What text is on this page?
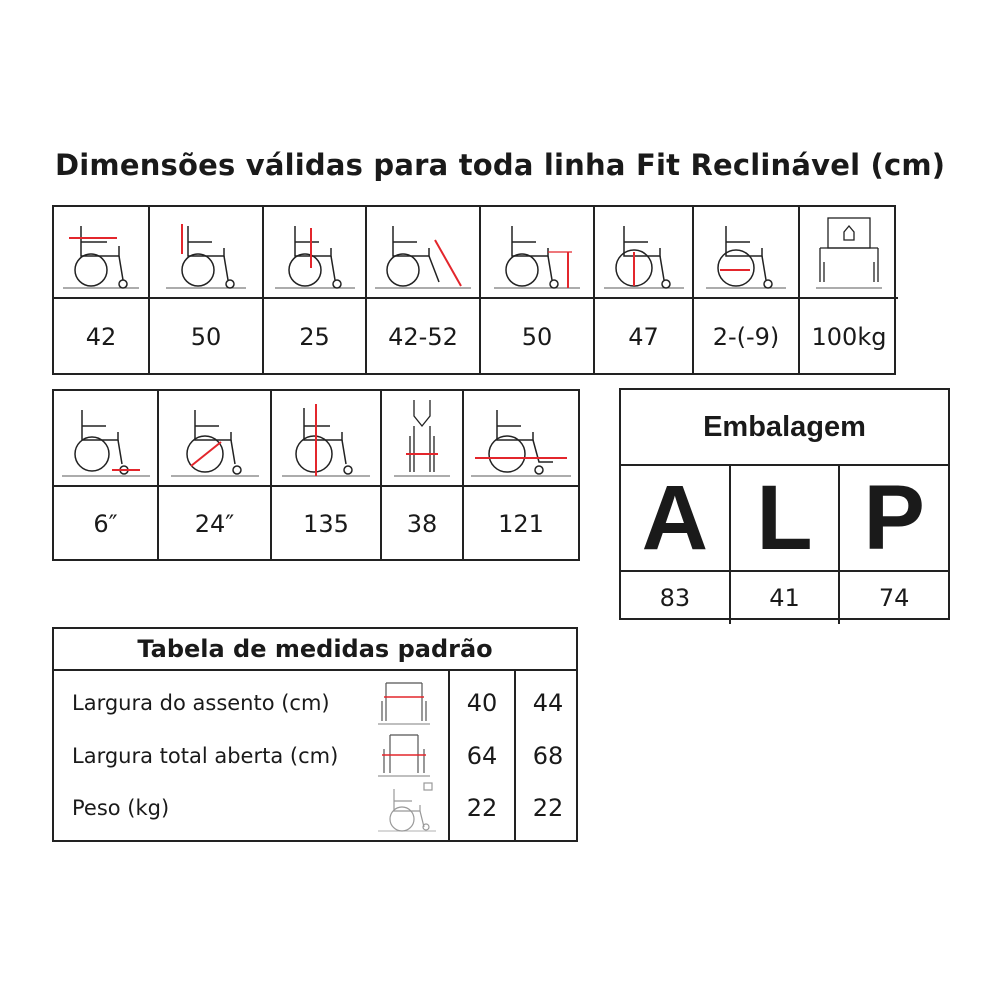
Dimensões válidas para toda linha Fit Reclinável (cm)
42	50	25	42-52	50	47	2-(-9)	100kg
6″	24″	135	38	121
Embalagem
A L P
83	41	74
Tabela de medidas padrão
Largura do assento (cm)	40	44
Largura total aberta (cm)	64	68
Peso (kg)	22	22
